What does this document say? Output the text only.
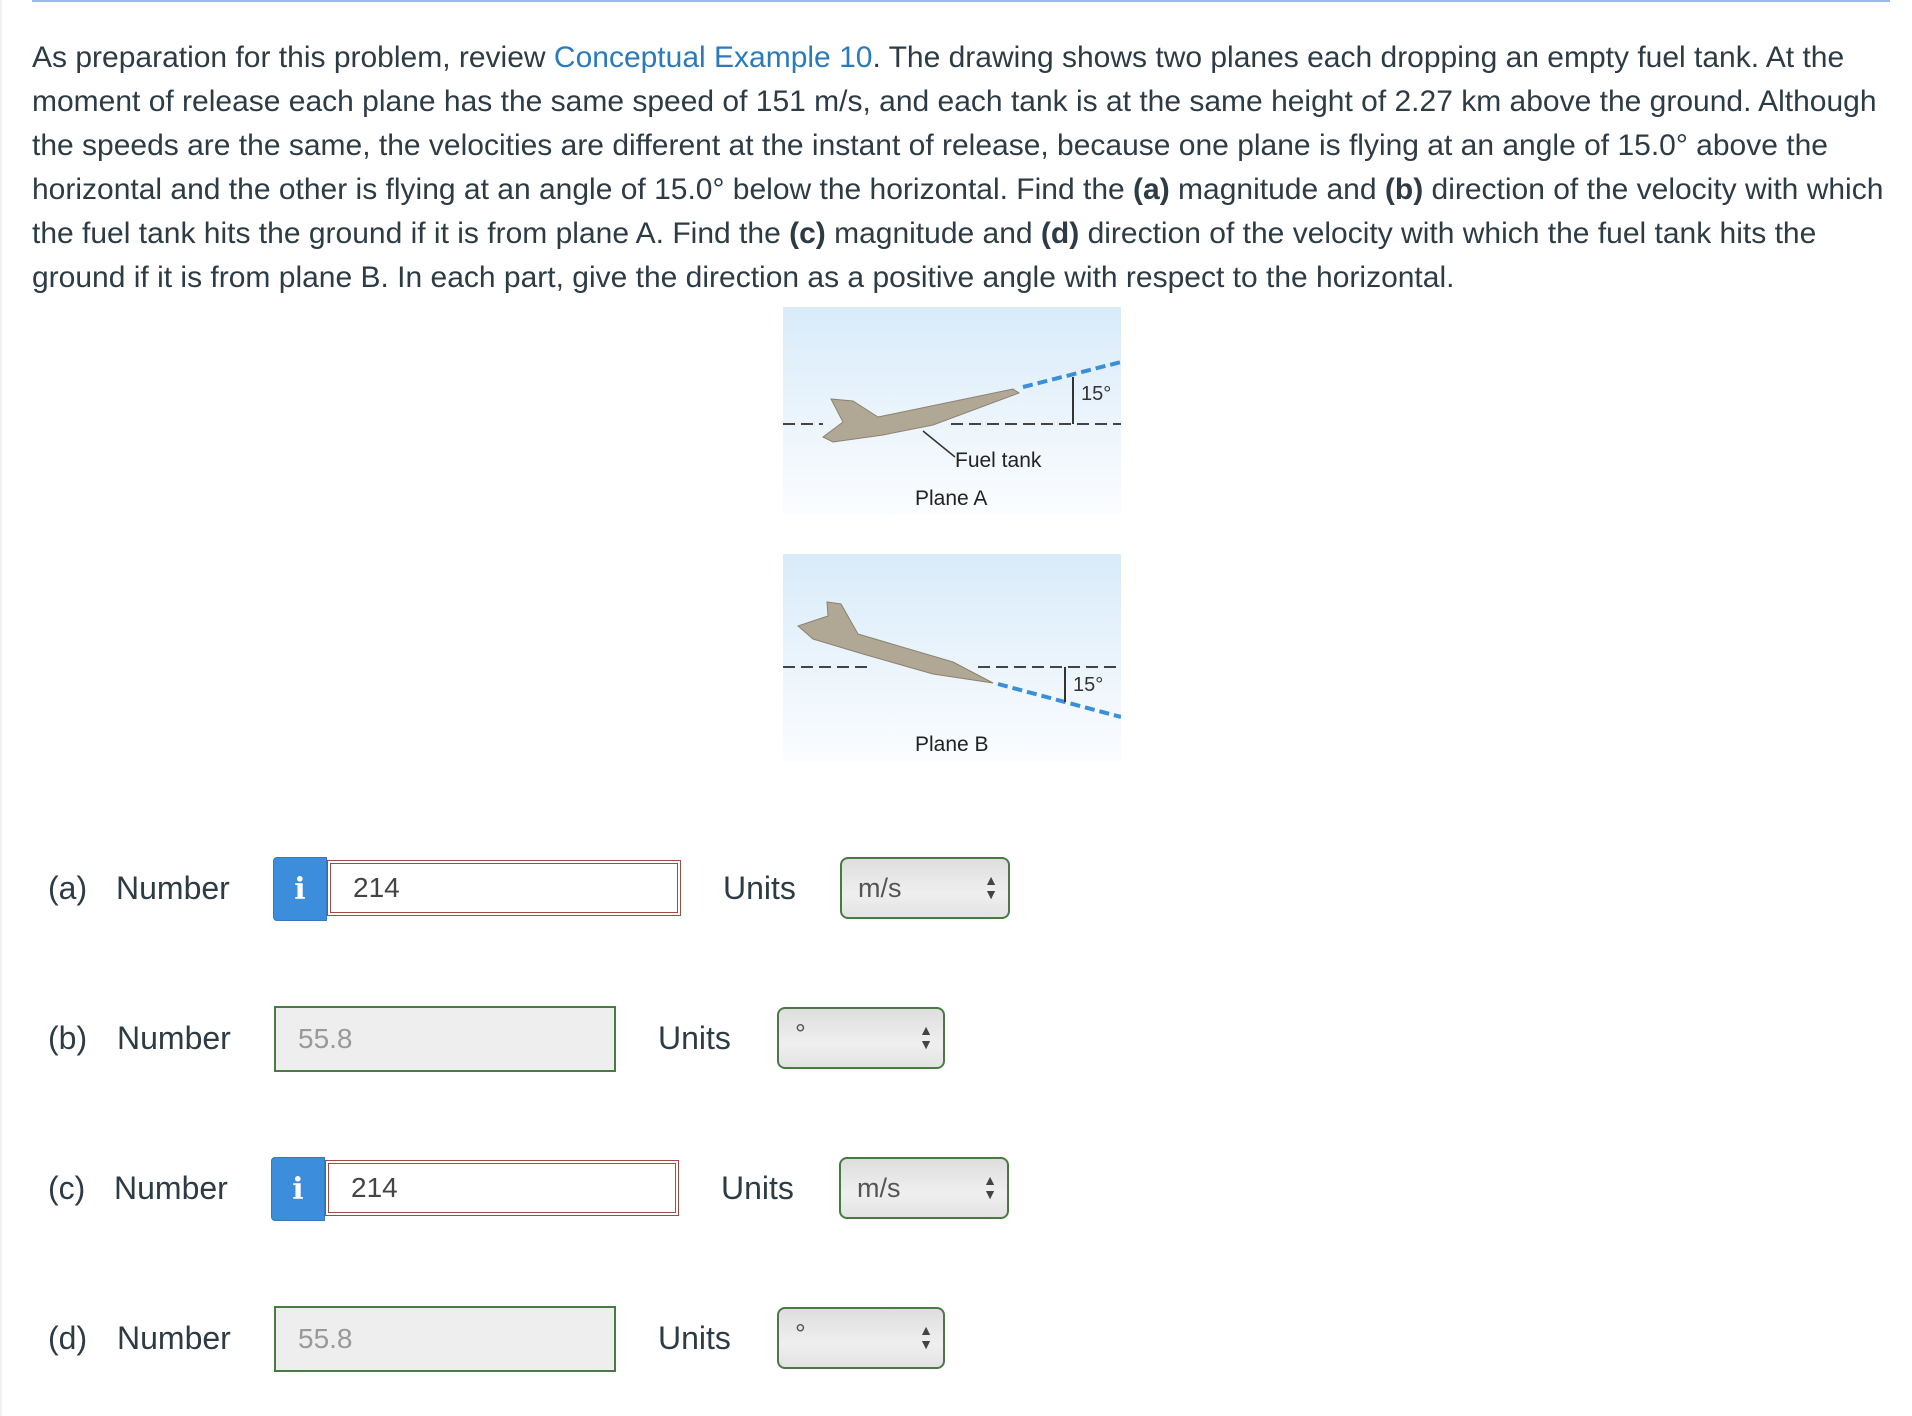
As preparation for this problem, review Conceptual Example 10. The drawing shows two planes each dropping an empty fuel tank. At the moment of release each plane has the same speed of 151 m/s, and each tank is at the same height of 2.27 km above the ground. Although the speeds are the same, the velocities are different at the instant of release, because one plane is flying at an angle of 15.0° above the horizontal and the other is flying at an angle of 15.0° below the horizontal. Find the (a) magnitude and (b) direction of the velocity with which the fuel tank hits the ground if it is from plane A. Find the (c) magnitude and (d) direction of the velocity with which the fuel tank hits the ground if it is from plane B. In each part, give the direction as a positive angle with respect to the horizontal.
15°
Fuel tank
Plane A
15°
Plane B
(a) Number	i	214	Units m/s	▲
▼
(b) Number	55.8	Units °	▲
▼
(c) Number	i	214	Units m/s	▲
▼
(d) Number	55.8	Units °	▲
▼
